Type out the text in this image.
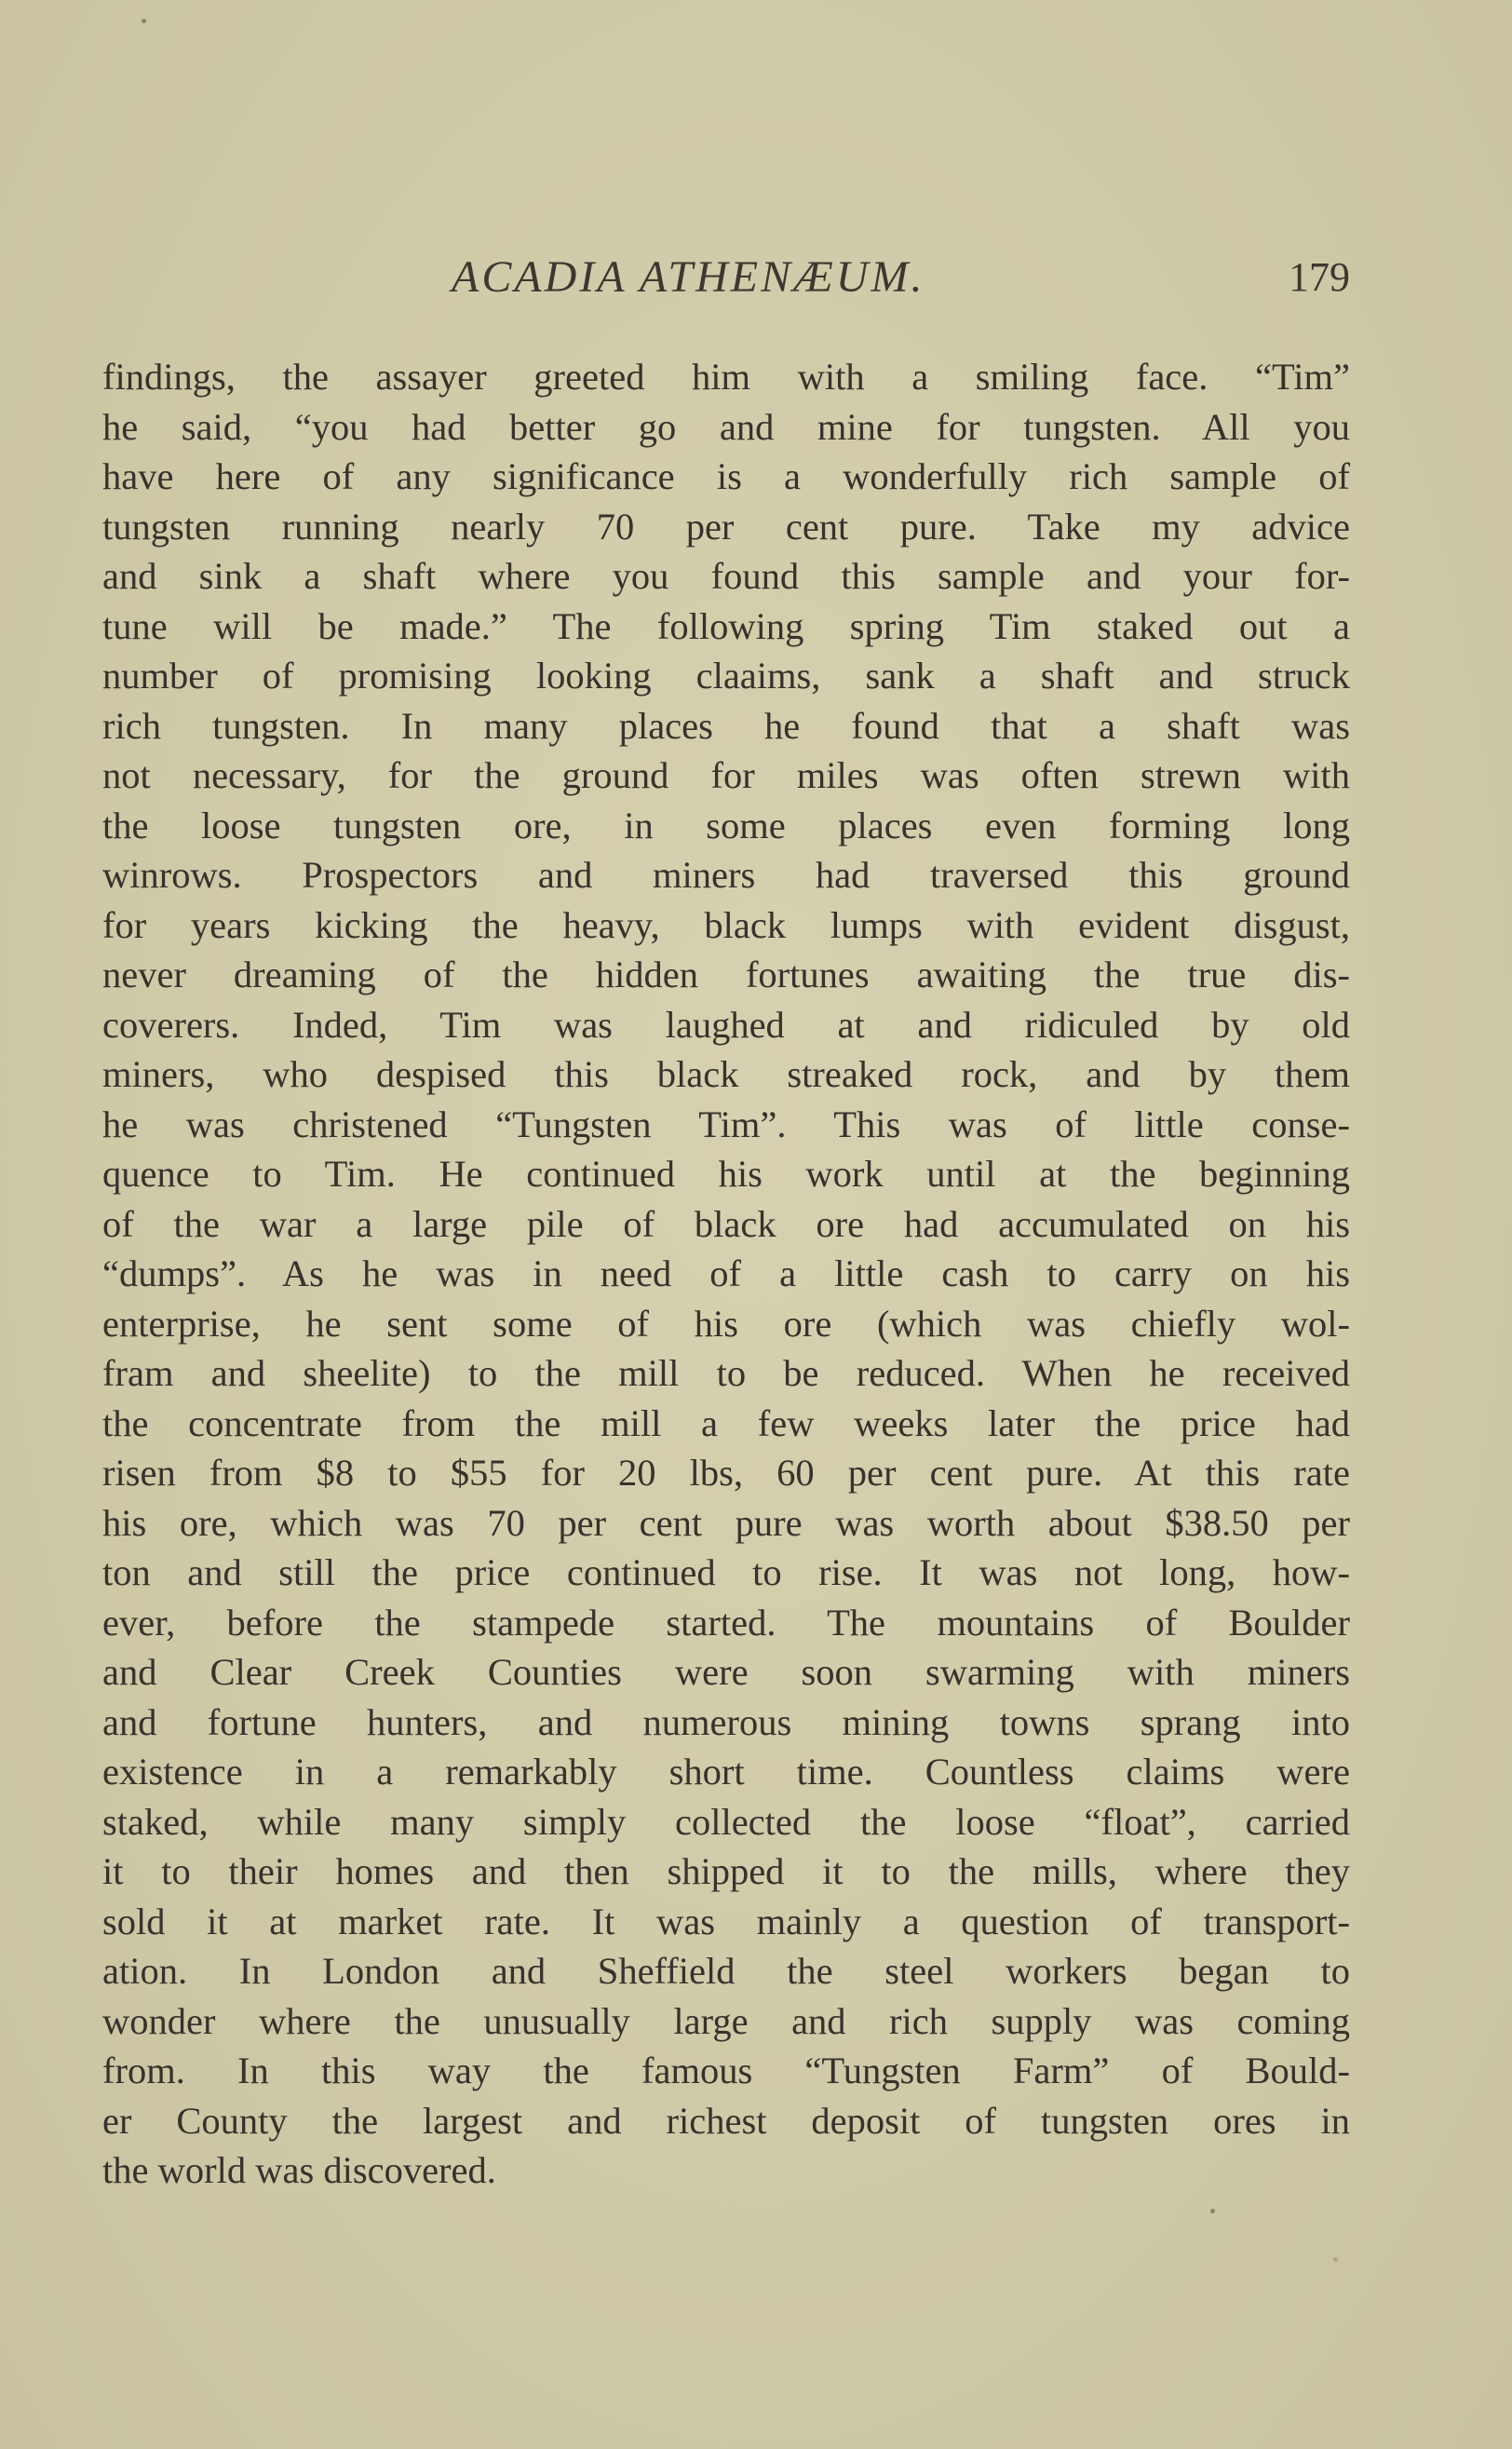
ACADIA ATHENÆUM.	179
findings, the assayer greeted him with a smiling face. “Tim”
he said, “you had better go and mine for tungsten. All you
have here of any significance is a wonderfully rich sample of
tungsten running nearly 70 per cent pure. Take my advice
and sink a shaft where you found this sample and your for-
tune will be made.” The following spring Tim staked out a
number of promising looking claaims, sank a shaft and struck
rich tungsten. In many places he found that a shaft was
not necessary, for the ground for miles was often strewn with
the loose tungsten ore, in some places even forming long
winrows. Prospectors and miners had traversed this ground
for years kicking the heavy, black lumps with evident disgust,
never dreaming of the hidden fortunes awaiting the true dis-
coverers. Inded, Tim was laughed at and ridiculed by old
miners, who despised this black streaked rock, and by them
he was christened “Tungsten Tim”. This was of little conse-
quence to Tim. He continued his work until at the beginning
of the war a large pile of black ore had accumulated on his
“dumps”. As he was in need of a little cash to carry on his
enterprise, he sent some of his ore (which was chiefly wol-
fram and sheelite) to the mill to be reduced. When he received
the concentrate from the mill a few weeks later the price had
risen from $8 to $55 for 20 lbs, 60 per cent pure. At this rate
his ore, which was 70 per cent pure was worth about $38.50 per
ton and still the price continued to rise. It was not long, how-
ever, before the stampede started. The mountains of Boulder
and Clear Creek Counties were soon swarming with miners
and fortune hunters, and numerous mining towns sprang into
existence in a remarkably short time. Countless claims were
staked, while many simply collected the loose “float”, carried
it to their homes and then shipped it to the mills, where they
sold it at market rate. It was mainly a question of transport-
ation. In London and Sheffield the steel workers began to
wonder where the unusually large and rich supply was coming
from. In this way the famous “Tungsten Farm” of Bould-
er County the largest and richest deposit of tungsten ores in
the world was discovered.
